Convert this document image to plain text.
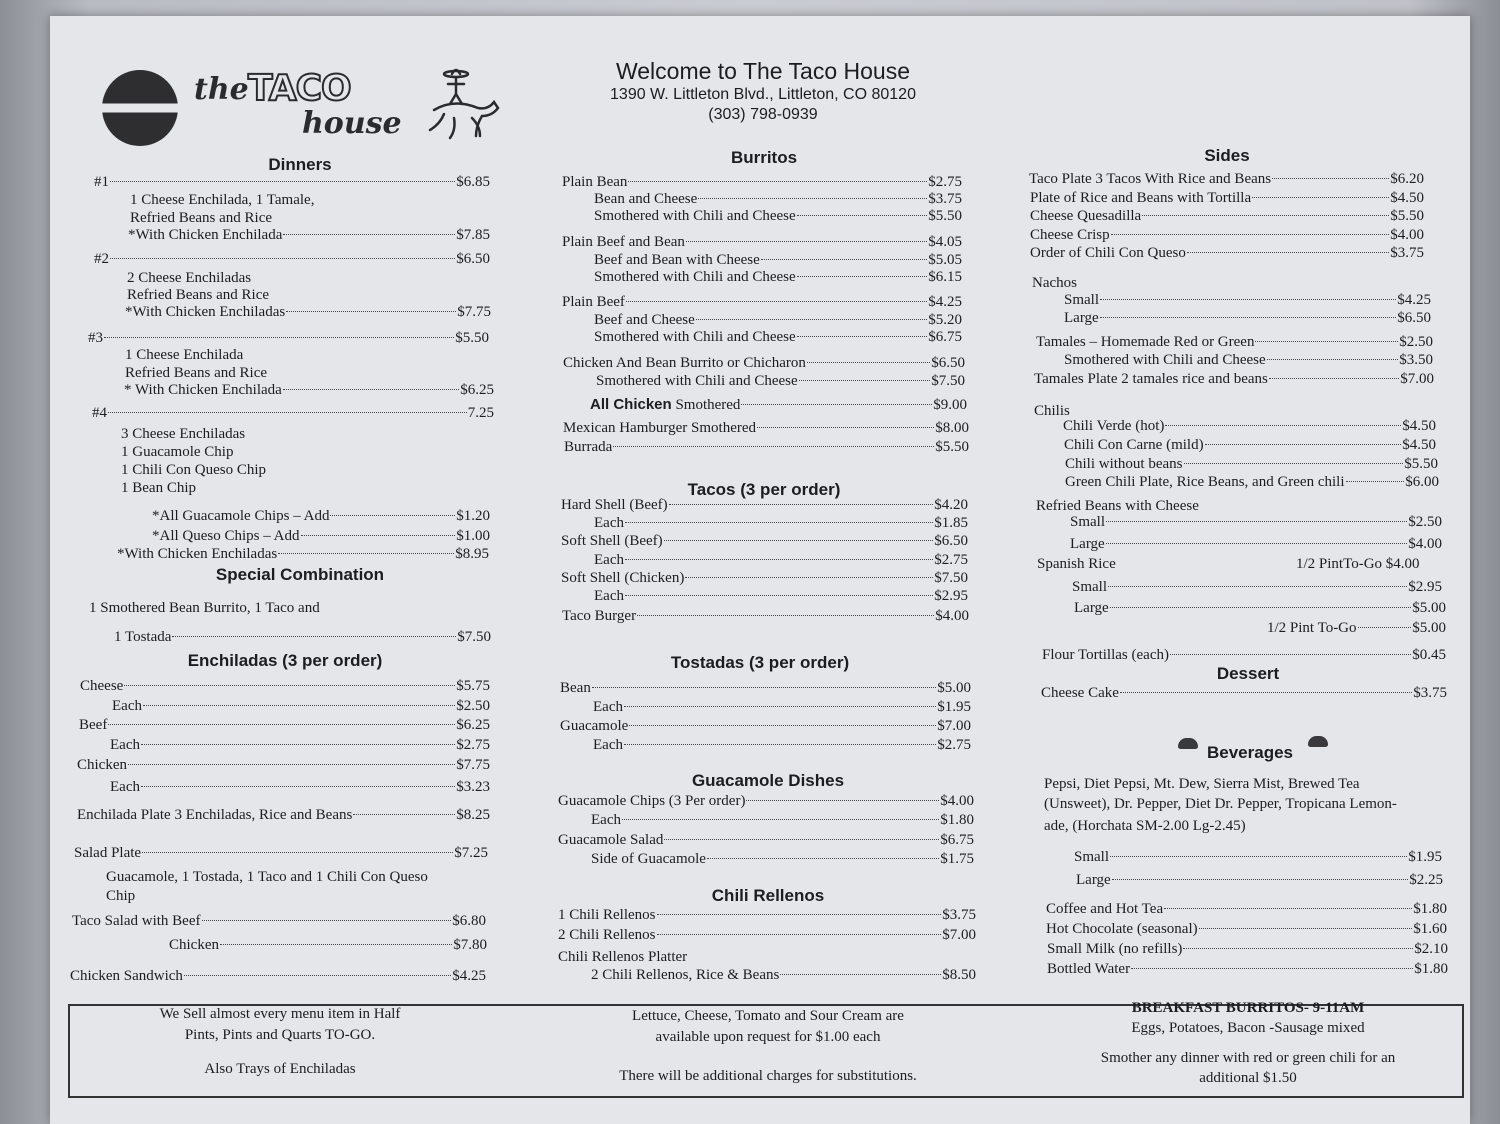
the TACO
house
Welcome to The Taco House
1390 W. Littleton Blvd., Littleton, CO 80120
(303) 798-0939
Dinners
#1	$6.85
1 Cheese Enchilada, 1 Tamale,
Refried Beans and Rice
*With Chicken Enchilada	$7.85
#2	$6.50
2 Cheese Enchiladas
Refried Beans and Rice
*With Chicken Enchiladas	$7.75
#3	$5.50
1 Cheese Enchilada
Refried Beans and Rice
* With Chicken Enchilada	$6.25
#4	7.25
3 Cheese Enchiladas
1 Guacamole Chip
1 Chili Con Queso Chip
1 Bean Chip
*All Guacamole Chips – Add	$1.20
*All Queso Chips – Add	$1.00
*With Chicken Enchiladas	$8.95
Special Combination
1 Smothered Bean Burrito, 1 Taco and
1 Tostada	$7.50
Enchiladas (3 per order)
Cheese	$5.75
Each	$2.50
Beef	$6.25
Each	$2.75
Chicken	$7.75
Each	$3.23
Enchilada Plate 3 Enchiladas, Rice and Beans	$8.25
Salad Plate	$7.25
Guacamole, 1 Tostada, 1 Taco and 1 Chili Con Queso
Chip
Taco Salad with Beef	$6.80
Chicken	$7.80
Chicken Sandwich	$4.25
Burritos
Plain Bean	$2.75
Bean and Cheese	$3.75
Smothered with Chili and Cheese	$5.50
Plain Beef and Bean	$4.05
Beef and Bean with Cheese	$5.05
Smothered with Chili and Cheese	$6.15
Plain Beef	$4.25
Beef and Cheese	$5.20
Smothered with Chili and Cheese	$6.75
Chicken And Bean Burrito or Chicharon	$6.50
Smothered with Chili and Cheese	$7.50
All Chicken Smothered	$9.00
Mexican Hamburger Smothered	$8.00
Burrada	$5.50
Tacos (3 per order)
Hard Shell (Beef)	$4.20
Each	$1.85
Soft Shell (Beef)	$6.50
Each	$2.75
Soft Shell (Chicken)	$7.50
Each	$2.95
Taco Burger	$4.00
Tostadas (3 per order)
Bean	$5.00
Each	$1.95
Guacamole	$7.00
Each	$2.75
Guacamole Dishes
Guacamole Chips (3 Per order)	$4.00
Each	$1.80
Guacamole Salad	$6.75
Side of Guacamole	$1.75
Chili Rellenos
1 Chili Rellenos	$3.75
2 Chili Rellenos	$7.00
Chili Rellenos Platter
2 Chili Rellenos, Rice & Beans	$8.50
Sides
Taco Plate 3 Tacos With Rice and Beans	$6.20
Plate of Rice and Beans with Tortilla	$4.50
Cheese Quesadilla	$5.50
Cheese Crisp	$4.00
Order of Chili Con Queso	$3.75
Nachos
Small	$4.25
Large	$6.50
Tamales – Homemade Red or Green	$2.50
Smothered with Chili and Cheese	$3.50
Tamales Plate 2 tamales rice and beans	$7.00
Chilis
Chili Verde (hot)	$4.50
Chili Con Carne (mild)	$4.50
Chili without beans	$5.50
Green Chili Plate, Rice Beans, and Green chili	$6.00
Refried Beans with Cheese
Small	$2.50
Large	$4.00
Spanish Rice	1/2 PintTo-Go $4.00
Small	$2.95
Large	$5.00
1/2 Pint To-Go	$5.00
Flour Tortillas (each)	$0.45
Dessert
Cheese Cake	$3.75
Beverages
Pepsi, Diet Pepsi, Mt. Dew, Sierra Mist, Brewed Tea
(Unsweet), Dr. Pepper, Diet Dr. Pepper, Tropicana Lemon-
ade, (Horchata SM-2.00 Lg-2.45)
Small	$1.95
Large	$2.25
Coffee and Hot Tea	$1.80
Hot Chocolate (seasonal)	$1.60
Small Milk (no refills)	$2.10
Bottled Water	$1.80
We Sell almost every menu item in Half
Pints, Pints and Quarts TO-GO.
Also Trays of Enchiladas
Lettuce, Cheese, Tomato and Sour Cream are
available upon request for $1.00 each
There will be additional charges for substitutions.
BREAKFAST BURRITOS- 9-11AM
Eggs, Potatoes, Bacon -Sausage mixed
Smother any dinner with red or green chili for an
additional $1.50
